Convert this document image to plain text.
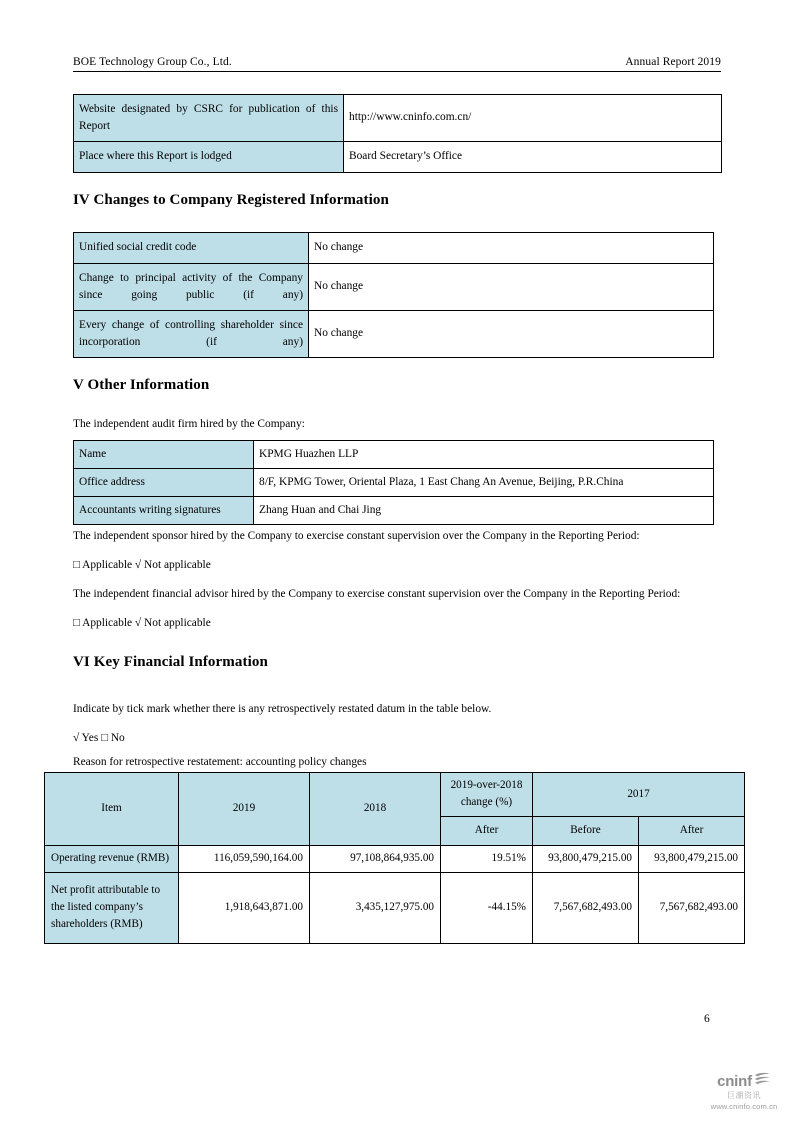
BOE Technology Group Co., Ltd.	Annual Report 2019
Website designated by CSRC for publication of this Report	http://www.cninfo.com.cn/
Place where this Report is lodged	Board Secretary’s Office
IV Changes to Company Registered Information
Unified social credit code	No change
Change to principal activity of the Company since going public (if any)	No change
Every change of controlling shareholder since incorporation (if any)	No change
V Other Information

The independent audit firm hired by the Company:

Name	KPMG Huazhen LLP
Office address	8/F, KPMG Tower, Oriental Plaza, 1 East Chang An Avenue, Beijing, P.R.China
Accountants writing signatures	Zhang Huan and Chai Jing

The independent sponsor hired by the Company to exercise constant supervision over the Company in the Reporting Period:

□ Applicable √ Not applicable

The independent financial advisor hired by the Company to exercise constant supervision over the Company in the Reporting Period:

□ Applicable √ Not applicable

VI Key Financial Information

Indicate by tick mark whether there is any retrospectively restated datum in the table below.

√ Yes □ No

Reason for retrospective restatement: accounting policy changes

Item	2019	2018	2019-over-2018 change (%)	2017	
			After	Before	After
Operating revenue (RMB)	116,059,590,164.00	97,108,864,935.00	19.51%	93,800,479,215.00	93,800,479,215.00
Net profit attributable to the listed company’s shareholders (RMB)	1,918,643,871.00	3,435,127,975.00	-44.15%	7,567,682,493.00	7,567,682,493.00
6
cninf
巨潮资讯
www.cninfo.com.cn
